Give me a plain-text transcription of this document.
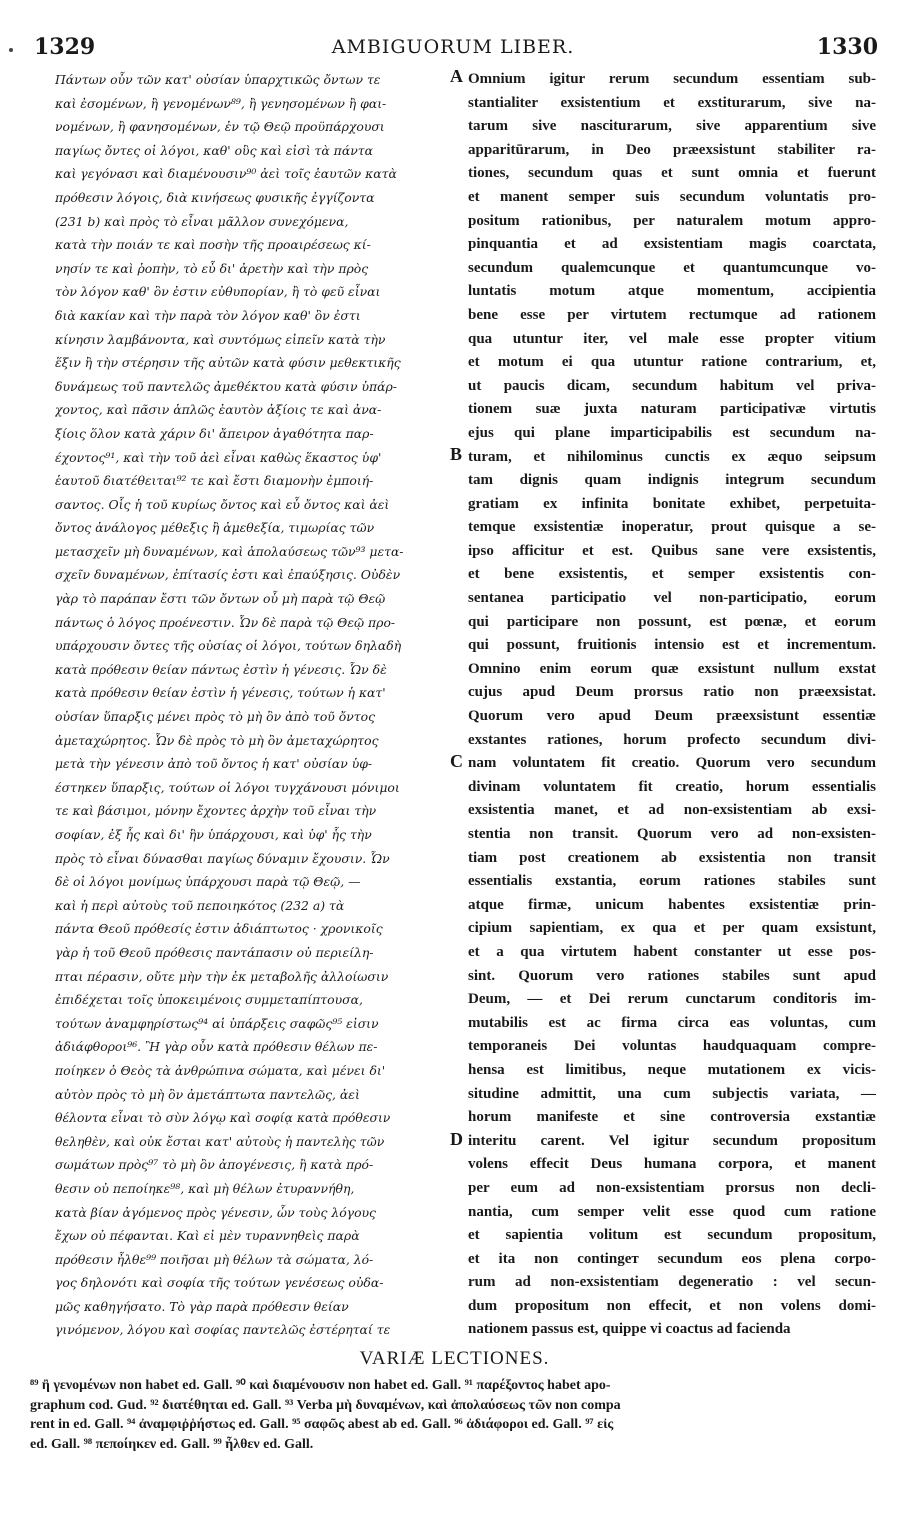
1329	AMBIGUORUM LIBER.	1330
Πάντων οὖν τῶν κατ' οὐσίαν ὑπαρχτικῶς ὄντων τε
καὶ ἐσομένων, ἢ γενομένων⁸⁹, ἢ γενησομένων ἢ φαι-
νομένων, ἢ φανησομένων, ἐν τῷ Θεῷ προϋπάρχουσι
παγίως ὄντες οἱ λόγοι, καθ' οὓς καὶ εἰσὶ τὰ πάντα
καὶ γεγόνασι καὶ διαμένουσιν⁹⁰ ἀεὶ τοῖς ἑαυτῶν κατὰ
πρόθεσιν λόγοις, διὰ κινήσεως φυσικῆς ἐγγίζοντα
(231 b) καὶ πρὸς τὸ εἶναι μᾶλλον συνεχόμενα,
κατὰ τὴν ποιάν τε καὶ ποσὴν τῆς προαιρέσεως κί-
νησίν τε καὶ ῥοπὴν, τὸ εὖ δι' ἀρετὴν καὶ τὴν πρὸς
τὸν λόγον καθ' ὃν ἐστιν εὐθυπορίαν, ἢ τὸ φεῦ εἶναι
διὰ κακίαν καὶ τὴν παρὰ τὸν λόγον καθ' ὃν ἐστι
κίνησιν λαμβάνοντα, καὶ συντόμως εἰπεῖν κατὰ τὴν
ἕξιν ἢ τὴν στέρησιν τῆς αὐτῶν κατὰ φύσιν μεθεκτικῆς
δυνάμεως τοῦ παντελῶς ἀμεθέκτου κατὰ φύσιν ὑπάρ-
χοντος, καὶ πᾶσιν ἁπλῶς ἑαυτὸν ἀξίοις τε καὶ ἀνα-
ξίοις ὅλον κατὰ χάριν δι' ἄπειρον ἀγαθότητα παρ-
έχοντος⁹¹, καὶ τὴν τοῦ ἀεὶ εἶναι καθὼς ἕκαστος ὑφ'
ἑαυτοῦ διατέθειται⁹² τε καὶ ἔστι διαμονὴν ἐμποιή-
σαντος. Οἷς ἡ τοῦ κυρίως ὄντος καὶ εὖ ὄντος καὶ ἀεὶ
ὄντος ἀνάλογος μέθεξις ἢ ἀμεθεξία, τιμωρίας τῶν
μετασχεῖν μὴ δυναμένων, καὶ ἀπολαύσεως τῶν⁹³ μετα-
σχεῖν δυναμένων, ἐπίτασίς ἐστι καὶ ἐπαύξησις. Οὐδὲν
γὰρ τὸ παράπαν ἔστι τῶν ὄντων οὗ μὴ παρὰ τῷ Θεῷ
πάντως ὁ λόγος προένεστιν. Ὧν δὲ παρὰ τῷ Θεῷ προ-
υπάρχουσιν ὄντες τῆς οὐσίας οἱ λόγοι, τούτων δηλαδὴ
κατὰ πρόθεσιν θείαν πάντως ἐστὶν ἡ γένεσις. Ὧν δὲ
κατὰ πρόθεσιν θείαν ἐστὶν ἡ γένεσις, τούτων ἡ κατ'
οὐσίαν ὕπαρξις μένει πρὸς τὸ μὴ ὂν ἀπὸ τοῦ ὄντος
ἀμεταχώρητος. Ὧν δὲ πρὸς τὸ μὴ ὂν ἀμεταχώρητος
μετὰ τὴν γένεσιν ἀπὸ τοῦ ὄντος ἡ κατ' οὐσίαν ὑφ-
έστηκεν ὕπαρξις, τούτων οἱ λόγοι τυγχάνουσι μόνιμοι
τε καὶ βάσιμοι, μόνην ἔχοντες ἀρχὴν τοῦ εἶναι τὴν
σοφίαν, ἐξ ἧς καὶ δι' ἣν ὑπάρχουσι, καὶ ὑφ' ἧς τὴν
πρὸς τὸ εἶναι δύνασθαι παγίως δύναμιν ἔχουσιν. Ὧν
δὲ οἱ λόγοι μονίμως ὑπάρχουσι παρὰ τῷ Θεῷ, —
καὶ ἡ περὶ αὐτοὺς τοῦ πεποιηκότος (232 a) τὰ
πάντα Θεοῦ πρόθεσίς ἐστιν ἀδιάπτωτος · χρονικοῖς
γὰρ ἡ τοῦ Θεοῦ πρόθεσις παντάπασιν οὐ περιείλη-
πται πέρασιν, οὔτε μὴν τὴν ἐκ μεταβολῆς ἀλλοίωσιν
ἐπιδέχεται τοῖς ὑποκειμένοις συμμεταπίπτουσα,
τούτων ἀναμφηρίστως⁹⁴ αἱ ὑπάρξεις σαφῶς⁹⁵ εἰσιν
ἀδιάφθοροι⁹⁶. Ἢ γὰρ οὖν κατὰ πρόθεσιν θέλων πε-
ποίηκεν ὁ Θεὸς τὰ ἀνθρώπινα σώματα, καὶ μένει δι'
αὐτὸν πρὸς τὸ μὴ ὂν ἀμετάπτωτα παντελῶς, ἀεὶ
θέλοντα εἶναι τὸ σὺν λόγῳ καὶ σοφίᾳ κατὰ πρόθεσιν
θεληθὲν, καὶ οὐκ ἔσται κατ' αὐτοὺς ἡ παντελὴς τῶν
σωμάτων πρὸς⁹⁷ τὸ μὴ ὂν ἀπογένεσις, ἢ κατὰ πρό-
θεσιν οὐ πεποίηκε⁹⁸, καὶ μὴ θέλων ἐτυραννήθη,
κατὰ βίαν ἀγόμενος πρὸς γένεσιν, ὧν τοὺς λόγους
ἔχων οὐ πέφανται. Καὶ εἰ μὲν τυραννηθεὶς παρὰ
πρόθεσιν ἦλθε⁹⁹ ποιῆσαι μὴ θέλων τὰ σώματα, λό-
γος δηλονότι καὶ σοφία τῆς τούτων γενέσεως οὐδα-
μῶς καθηγήσατο. Τὸ γὰρ παρὰ πρόθεσιν θείαν
γινόμενον, λόγου καὶ σοφίας παντελῶς ἐστέρηταί τε
Omnium igitur rerum secundum essentiam sub-
stantialiter exsistentium et exstiturarum, sive na-
tarum sive nasciturarum, sive apparentium sive
apparitūrarum, in Deo præexsistunt stabiliter ra-
tiones, secundum quas et sunt omnia et fuerunt
et manent semper suis secundum voluntatis pro-
positum rationibus, per naturalem motum appro-
pinquantia et ad exsistentiam magis coarctata,
secundum qualemcunque et quantumcunque vo-
luntatis motum atque momentum, accipientia
bene esse per virtutem rectumque ad rationem
qua utuntur iter, vel male esse propter vitium
et motum ei qua utuntur ratione contrarium, et,
ut paucis dicam, secundum habitum vel priva-
tionem suæ juxta naturam participativæ virtutis
ejus qui plane imparticipabilis est secundum na-
turam, et nihilominus cunctis ex æquo seipsum
tam dignis quam indignis integrum secundum
gratiam ex infinita bonitate exhibet, perpetuita-
temque exsistentiæ inoperatur, prout quisque a se-
ipso afficitur et est. Quibus sane vere exsistentis,
et bene exsistentis, et semper exsistentis con-
sentanea participatio vel non-participatio, eorum
qui participare non possunt, est pœnæ, et eorum
qui possunt, fruitionis intensio est et incrementum.
Omnino enim eorum quæ exsistunt nullum exstat
cujus apud Deum prorsus ratio non præexsistat.
Quorum vero apud Deum præexsistunt essentiæ
exstantes rationes, horum profecto secundum divi-
nam voluntatem fit creatio. Quorum vero secundum
divinam voluntatem fit creatio, horum essentialis
exsistentia manet, et ad non-exsistentiam ab exsi-
stentia non transit. Quorum vero ad non-exsisten-
tiam post creationem ab exsistentia non transit
essentialis exstantia, eorum rationes stabiles sunt
atque firmæ, unicum habentes exsistentiæ prin-
cipium sapientiam, ex qua et per quam exsistunt,
et a qua virtutem habent constanter ut esse pos-
sint. Quorum vero rationes stabiles sunt apud
Deum, — et Dei rerum cunctarum conditoris im-
mutabilis est ac firma circa eas voluntas, cum
temporaneis Dei voluntas haudquaquam compre-
hensa est limitibus, neque mutationem ex vicis-
situdine admittit, una cum subjectis variata, —
horum manifeste et sine controversia exstantiæ
interitu carent. Vel igitur secundum propositum
volens effecit Deus humana corpora, et manent
per eum ad non-exsistentiam prorsus non decli-
nantia, cum semper velit esse quod cum ratione
et sapientia volitum est secundum propositum,
et ita non contingет secundum eos plena corpo-
rum ad non-exsistentiam degeneratio : vel secun-
dum propositum non effecit, et non volens domi-
nationem passus est, quippe vi coactus ad facienda
A
B
C
D
VARIÆ LECTIONES.
⁸⁹ ἢ γενομένων non habet ed. Gall. ⁹⁰ καὶ διαμένουσιν non habet ed. Gall. ⁹¹ παρέξοντος habet apo-
graphum cod. Gud. ⁹² διατέθηται ed. Gall. ⁹³ Verba μὴ δυναμένων, καὶ ἀπολαύσεως τῶν non compa
rent in ed. Gall. ⁹⁴ ἀναμφιῤῥήστως ed. Gall. ⁹⁵ σαφῶς abest ab ed. Gall. ⁹⁶ ἀδιάφοροι ed. Gall. ⁹⁷ εἰς
ed. Gall. ⁹⁸ πεποίηκεν ed. Gall. ⁹⁹ ἦλθεν ed. Gall.
